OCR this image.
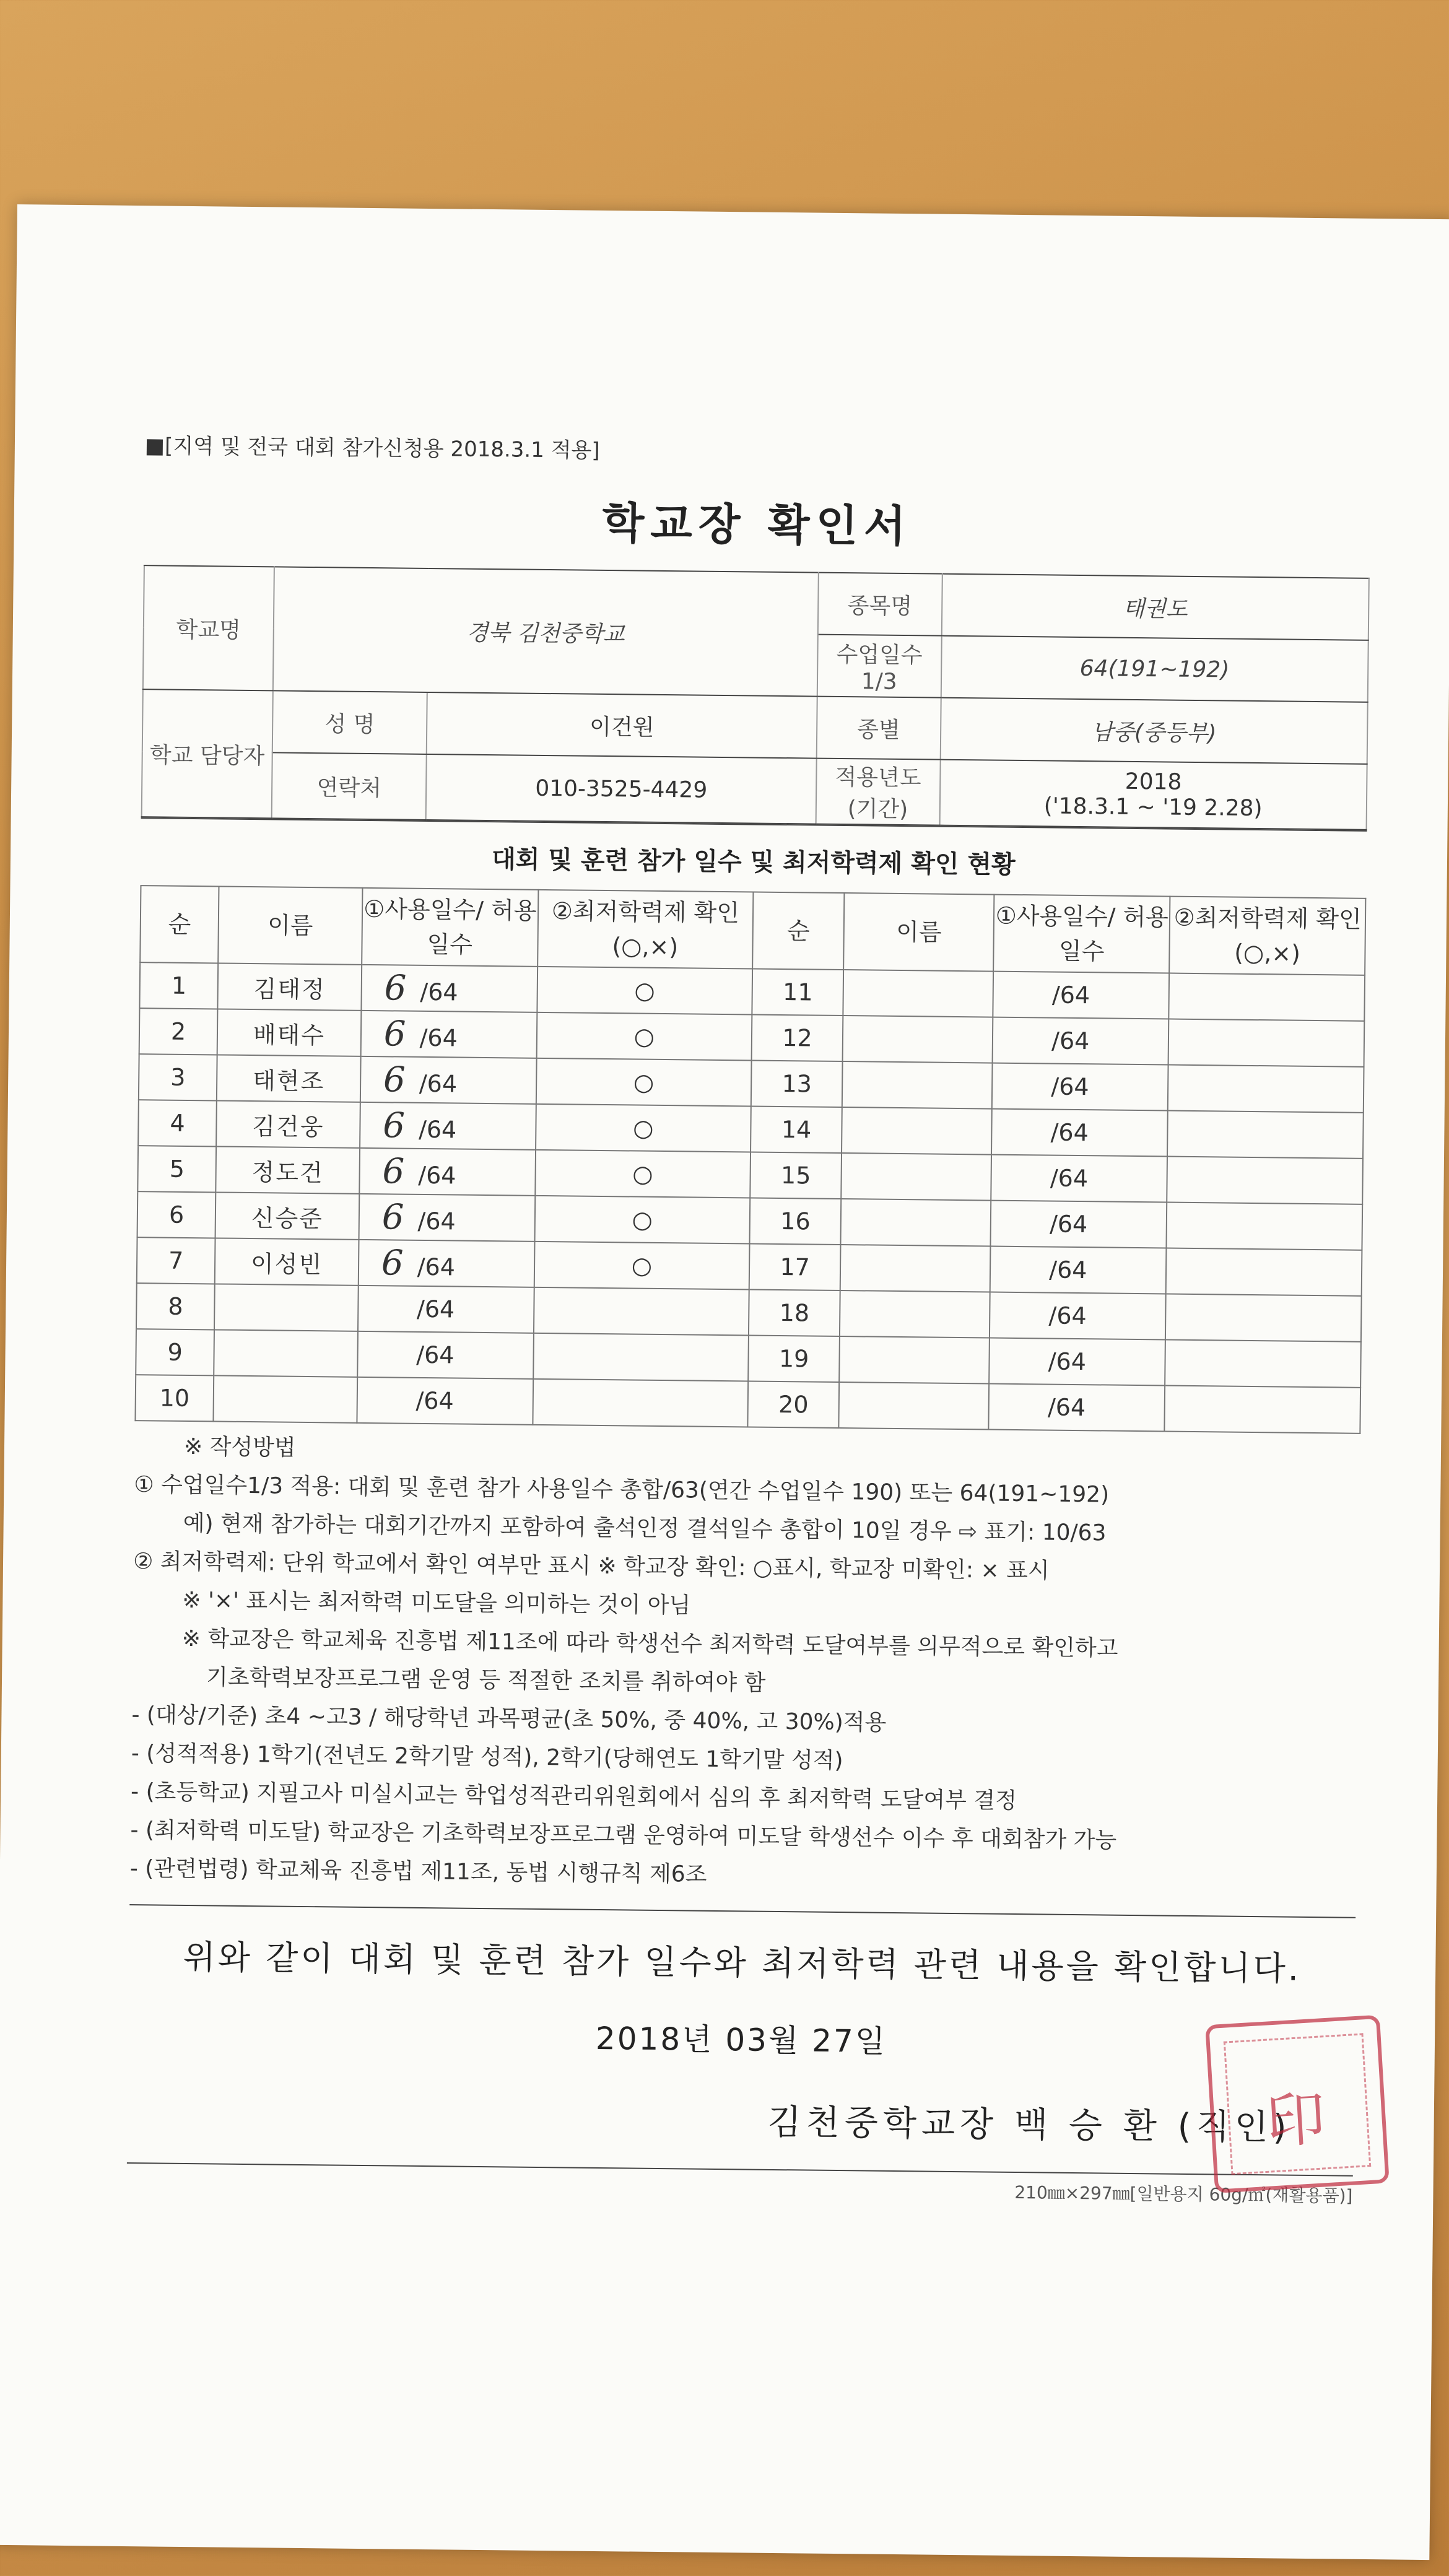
■[지역 및 전국 대회 참가신청용 2018.3.1 적용]
학교장 확인서
학교명	경북 김천중학교		종목명	태권도
			수업일수 1/3	64(191~192)
학교 담당자	성 명	이건원	종별	남중(중등부)
	연락처	010-3525-4429	적용년도 (기간)	2018
('18.3.1 ~ '19 2.28)
대회 및 훈련 참가 일수 및 최저학력제 확인 현황
순	이름	①사용일수/ 허용일수	②최저학력제 확인(○,×)	순	이름	①사용일수/ 허용일수	②최저학력제 확인(○,×)
1	김태정	6 /64	○	11		/64	
2	배태수	6 /64	○	12		/64	
3	태현조	6 /64	○	13		/64	
4	김건웅	6 /64	○	14		/64	
5	정도건	6 /64	○	15		/64	
6	신승준	6 /64	○	16		/64	
7	이성빈	6 /64	○	17		/64	
8		/64		18		/64	
9		/64		19		/64	
10		/64		20		/64	
※ 작성방법
① 수업일수1/3 적용: 대회 및 훈련 참가 사용일수 총합/63(연간 수업일수 190) 또는 64(191~192)
예) 현재 참가하는 대회기간까지 포함하여 출석인정 결석일수 총합이 10일 경우 ⇨ 표기: 10/63
② 최저학력제: 단위 학교에서 확인 여부만 표시 ※ 학교장 확인: ○표시, 학교장 미확인: × 표시
※ '×' 표시는 최저학력 미도달을 의미하는 것이 아님
※ 학교장은 학교체육 진흥법 제11조에 따라 학생선수 최저학력 도달여부를 의무적으로 확인하고
기초학력보장프로그램 운영 등 적절한 조치를 취하여야 함
- (대상/기준) 초4 ~고3 / 해당학년 과목평균(초 50%, 중 40%, 고 30%)적용
- (성적적용) 1학기(전년도 2학기말 성적), 2학기(당해연도 1학기말 성적)
- (초등학교) 지필고사 미실시교는 학업성적관리위원회에서 심의 후 최저학력 도달여부 결정
- (최저학력 미도달) 학교장은 기초학력보장프로그램 운영하여 미도달 학생선수 이수 후 대회참가 가능
- (관련법령) 학교체육 진흥법 제11조, 동법 시행규칙 제6조
위와 같이 대회 및 훈련 참가 일수와 최저학력 관련 내용을 확인합니다.
2018년 03월 27일
김천중학교장 백 승 환 (직인)
印
210㎜×297㎜[일반용지 60g/㎡(재활용품)]
